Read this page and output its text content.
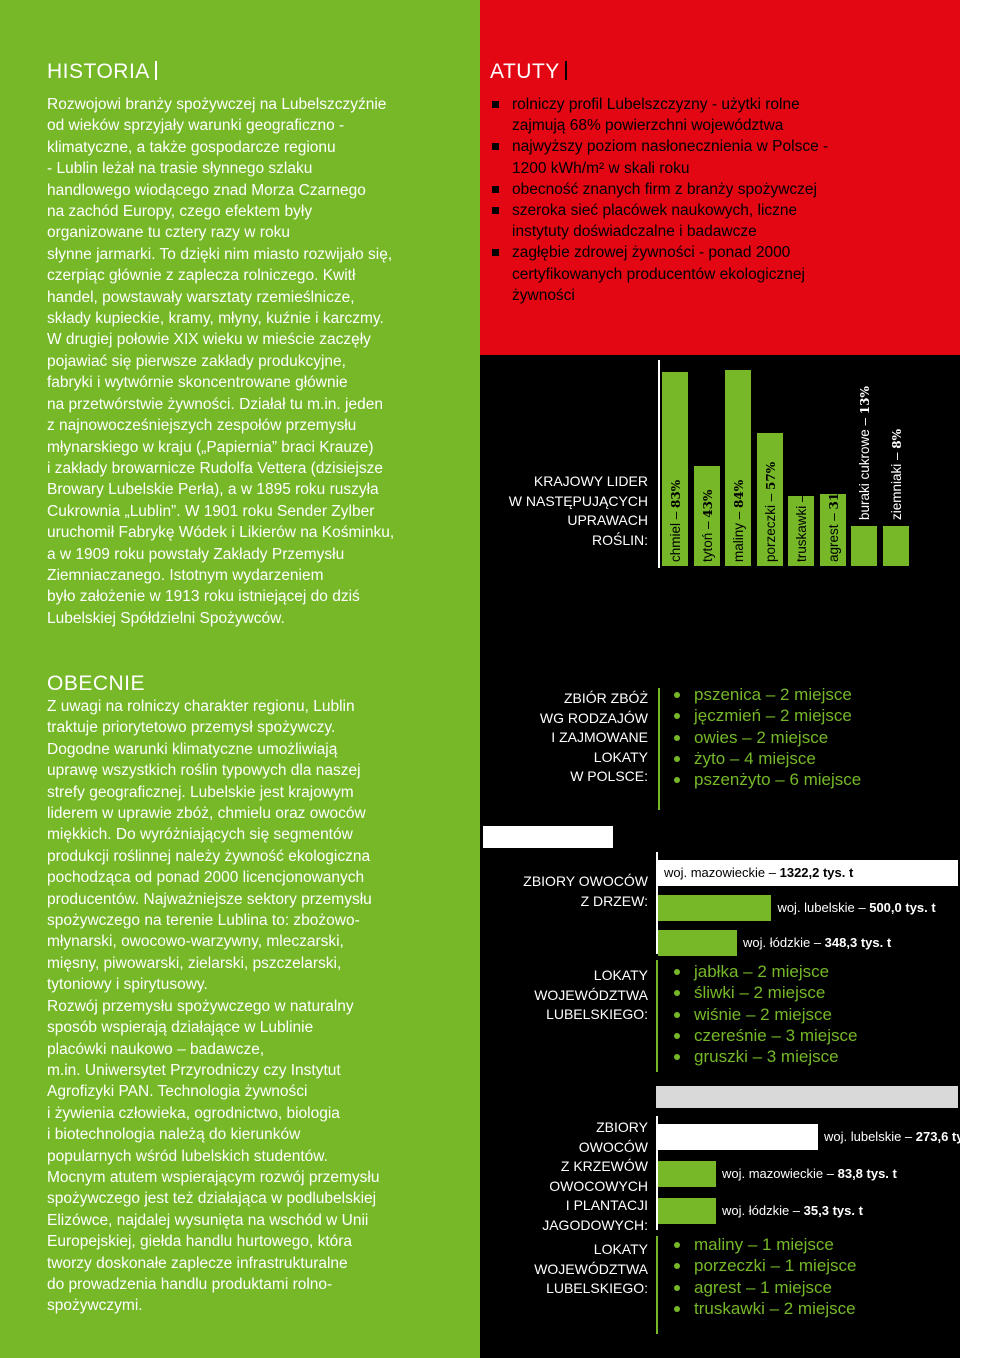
HISTORIA

Rozwojowi branży spożywczej na Lubelszczyźnie

od wieków sprzyjały warunki geograficzno -

klimatyczne, a także gospodarcze regionu

- Lublin leżał na trasie słynnego szlaku

handlowego wiodącego znad Morza Czarnego

na zachód Europy, czego efektem były

organizowane tu cztery razy w roku

słynne jarmarki. To dzięki nim miasto rozwijało się,

czerpiąc głównie z zaplecza rolniczego. Kwitł

handel, powstawały warsztaty rzemieślnicze,

składy kupieckie, kramy, młyny, kuźnie i karczmy.

W drugiej połowie XIX wieku w mieście zaczęły

pojawiać się pierwsze zakłady produkcyjne,

fabryki i wytwórnie skoncentrowane głównie

na przetwórstwie żywności. Działał tu m.in. jeden

z najnowocześniejszych zespołów przemysłu

młynarskiego w kraju („Papiernia” braci Krauze)

i zakłady browarnicze Rudolfa Vettera (dzisiejsze

Browary Lubelskie Perła), a w 1895 roku ruszyła

Cukrownia „Lublin”. W 1901 roku Sender Zylber

uruchomił Fabrykę Wódek i Likierów na Kośminku,

a w 1909 roku powstały Zakłady Przemysłu

Ziemniaczanego. Istotnym wydarzeniem

było założenie w 1913 roku istniejącej do dziś

Lubelskiej Spółdzielni Spożywców.

OBECNIE

Z uwagi na rolniczy charakter regionu, Lublin

traktuje priorytetowo przemysł spożywczy.

Dogodne warunki klimatyczne umożliwiają

uprawę wszystkich roślin typowych dla naszej

strefy geograficznej. Lubelskie jest krajowym

liderem w uprawie zbóż, chmielu oraz owoców

miękkich. Do wyróżniających się segmentów

produkcji roślinnej należy żywność ekologiczna

pochodząca od ponad 2000 licencjonowanych

producentów. Najważniejsze sektory przemysłu

spożywczego na terenie Lublina to: zbożowo-

młynarski, owocowo-warzywny, mleczarski,

mięsny, piwowarski, zielarski, pszczelarski,

tytoniowy i spirytusowy.

Rozwój przemysłu spożywczego w naturalny

sposób wspierają działające w Lublinie

placówki naukowo – badawcze,

m.in. Uniwersytet Przyrodniczy czy Instytut

Agrofizyki PAN. Technologia żywności

i żywienia człowieka, ogrodnictwo, biologia

i biotechnologia należą do kierunków

popularnych wśród lubelskich studentów.

Mocnym atutem wspierającym rozwój przemysłu

spożywczego jest też działająca w podlubelskiej

Elizówce, najdalej wysunięta na wschód w Unii

Europejskiej, giełda handlu hurtowego, która

tworzy doskonałe zaplecze infrastrukturalne

do prowadzenia handlu produktami rolno-

spożywczymi.

ATUTY
rolniczy profil Lubelszczyzny - użytki rolne
zajmują 68% powierzchni województwa
najwyższy poziom nasłonecznienia w Polsce -
1200 kWh/m² w skali roku
obecność znanych firm z branży spożywczej
szeroka sieć placówek naukowych, liczne
instytuty doświadczalne i badawcze
zagłębie zdrowej żywności - ponad 2000
certyfikowanych producentów ekologicznej
żywności
KRAJOWY LIDER
W NASTĘPUJĄCYCH
UPRAWACH
ROŚLIN: chmiel – 83%
tytoń – 43%
maliny – 84% porzeczki – 57%
truskawki – 30%
agrest – 31% buraki cukrowe – 13%
ziemniaki – 8%
powierzchnia sadów na Lubelszczyźnie
69 tys. ha (2 miejsce w Polsce)
zbiór zbóż ogółem w mln ton
2,6 mln t (2 miejsce w Polsce)
ZBIÓR ZBÓŻ
WG RODZAJÓW
I ZAJMOWANE
LOKATY
W POLSCE:
pszenica – 2 miejsce
jęczmień – 2 miejsce
owies – 2 miejsce
żyto – 4 miejsce
pszenżyto – 6 miejsce
ZBIORY OWOCÓW
Z DRZEW:
woj. mazowieckie – 1322,2 tys. t
woj. lubelskie – 500,0 tys. t
woj. łódzkie – 348,3 tys. t
LOKATY
WOJEWÓDZTWA
LUBELSKIEGO:
jabłka – 2 miejsce
śliwki – 2 miejsce
wiśnie – 2 miejsce
czereśnie – 3 miejsce
gruszki – 3 miejsce
ZBIORY
OWOCÓW
Z KRZEWÓW
OWOCOWYCH
I PLANTACJI
JAGODOWYCH:
woj. lubelskie – 273,6 tys. t
woj. mazowieckie – 83,8 tys. t
woj. łódzkie – 35,3 tys. t
LOKATY
WOJEWÓDZTWA
LUBELSKIEGO:
maliny – 1 miejsce
porzeczki – 1 miejsce
agrest – 1 miejsce
truskawki – 2 miejsce
